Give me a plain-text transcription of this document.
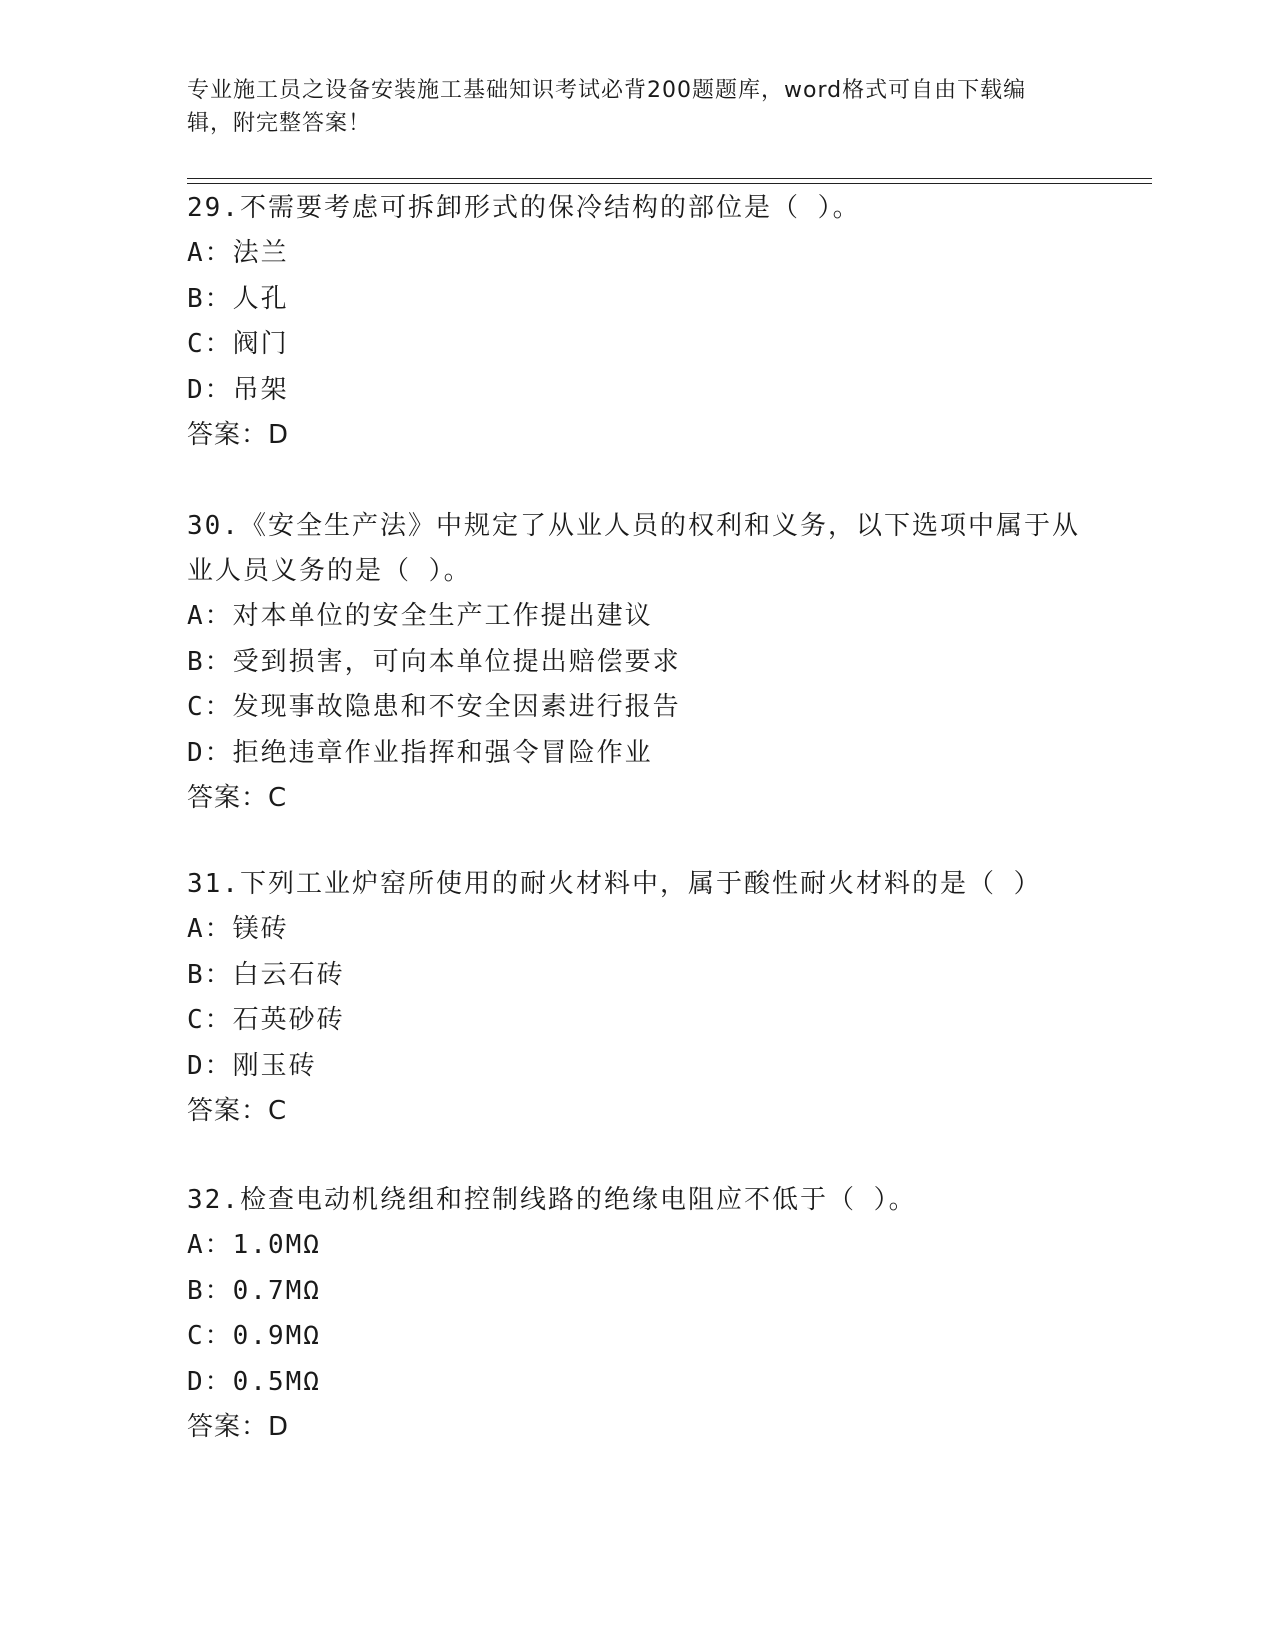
专业施工员之设备安装施工基础知识考试必背200题题库，word格式可自由下载编辑，附完整答案！
29.不需要考虑可拆卸形式的保冷结构的部位是（ ）。
A：法兰
B：人孔
C：阀门
D：吊架
答案：D
30.《安全生产法》中规定了从业人员的权利和义务，以下选项中属于从业人员义务的是（ ）。
A：对本单位的安全生产工作提出建议
B：受到损害，可向本单位提出赔偿要求
C：发现事故隐患和不安全因素进行报告
D：拒绝违章作业指挥和强令冒险作业
答案：C
31.下列工业炉窑所使用的耐火材料中，属于酸性耐火材料的是（ ）
A：镁砖
B：白云石砖
C：石英砂砖
D：刚玉砖
答案：C
32.检查电动机绕组和控制线路的绝缘电阻应不低于（ ）。
A：1.0MΩ
B：0.7MΩ
C：0.9MΩ
D：0.5MΩ
答案：D
